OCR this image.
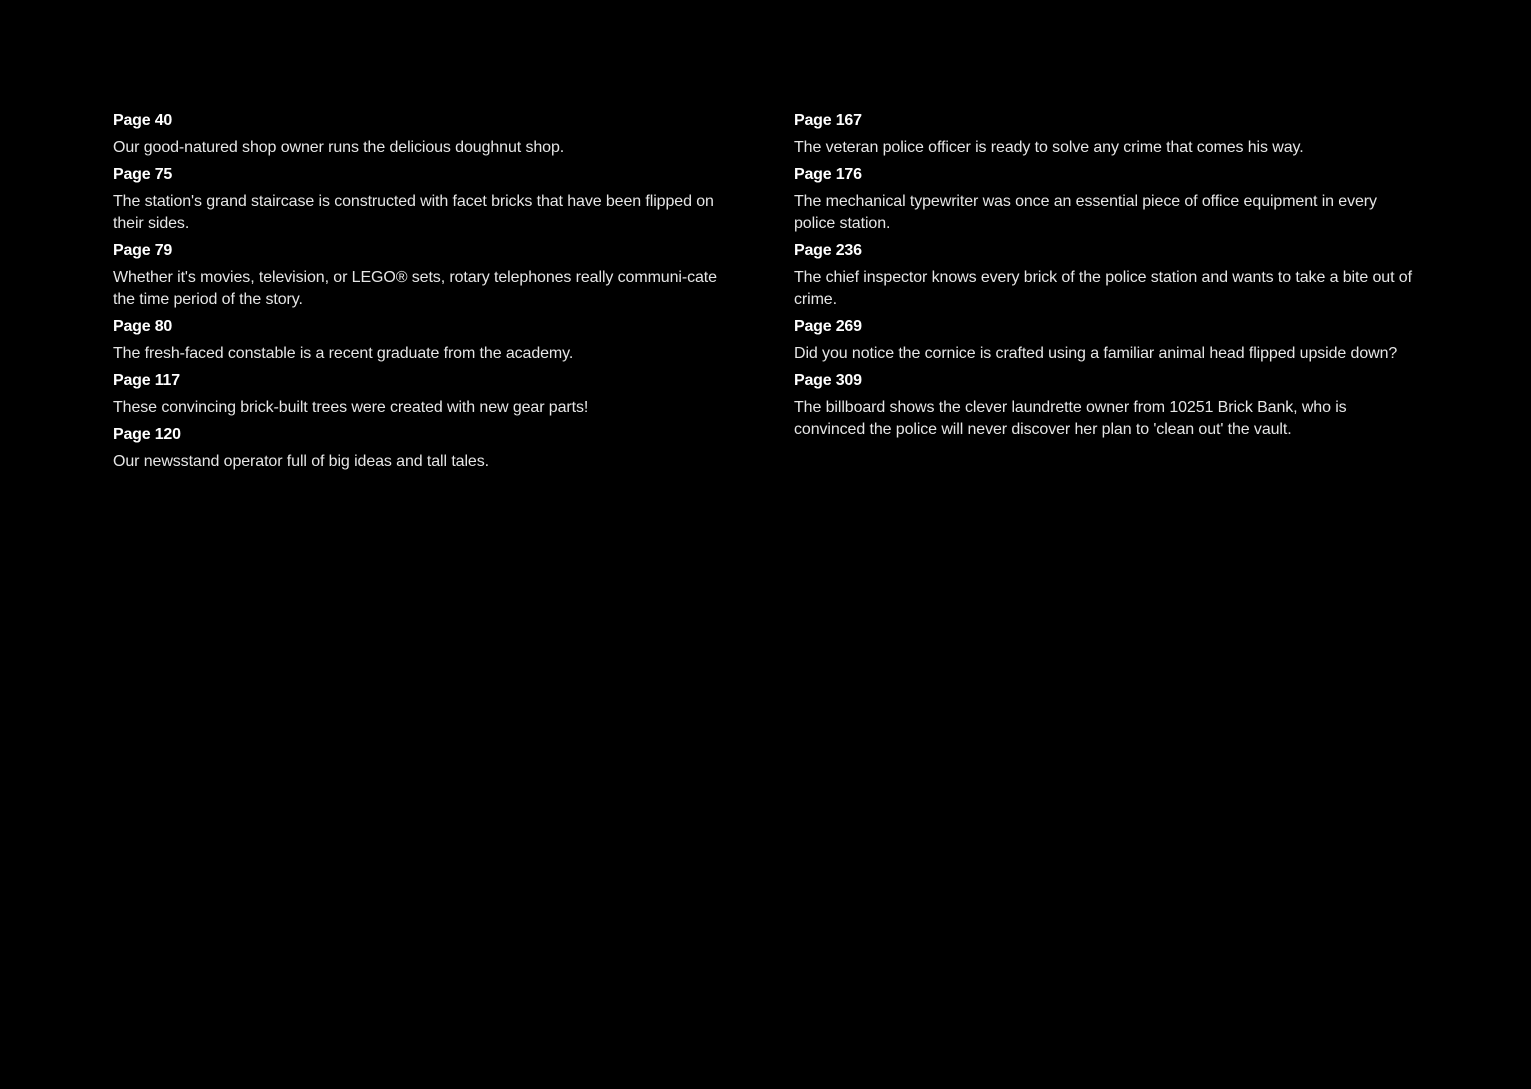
Page 40

Our good-natured shop owner runs the delicious doughnut shop.

Page 75

The station's grand staircase is constructed with facet bricks that have been flipped on their sides.

Page 79

Whether it's movies, television, or LEGO® sets, rotary telephones really communi-cate the time period of the story.

Page 80

The fresh-faced constable is a recent graduate from the academy.

Page 117

These convincing brick-built trees were created with new gear parts!

Page 120

Our newsstand operator full of big ideas and tall tales.

Page 167

The veteran police officer is ready to solve any crime that comes his way.

Page 176

The mechanical typewriter was once an essential piece of office equipment in every police station.

Page 236

The chief inspector knows every brick of the police station and wants to take a bite out of crime.

Page 269

Did you notice the cornice is crafted using a familiar animal head flipped upside down?

Page 309

The billboard shows the clever laundrette owner from 10251 Brick Bank, who is convinced the police will never discover her plan to 'clean out' the vault.
